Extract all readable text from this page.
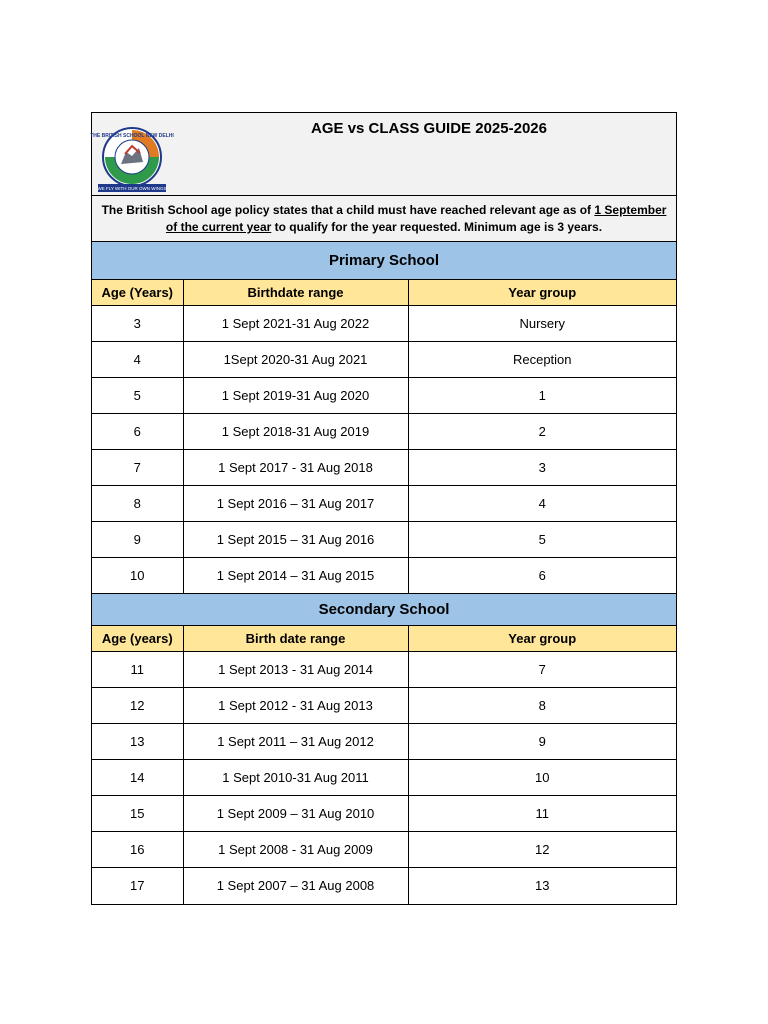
THE BRITISH SCHOOL NEW DELHI
WE FLY WITH OUR OWN WINGS
AGE vs CLASS GUIDE 2025-2026
The British School age policy states that a child must have reached relevant age as of 1 September of the current year to qualify for the year requested. Minimum age is 3 years.
Primary School
Age (Years)	Birthdate range	Year group
3	1 Sept 2021-31 Aug 2022	Nursery
4	1Sept 2020-31 Aug 2021	Reception
5	1 Sept 2019-31 Aug 2020	1
6	1 Sept 2018-31 Aug 2019	2
7	1 Sept 2017 - 31 Aug 2018	3
8	1 Sept 2016 – 31 Aug 2017	4
9	1 Sept 2015 – 31 Aug 2016	5
10	1 Sept 2014 – 31 Aug 2015	6
Secondary School
Age (years)	Birth date range	Year group
11	1 Sept 2013 - 31 Aug 2014	7
12	1 Sept 2012 - 31 Aug 2013	8
13	1 Sept 2011 – 31 Aug 2012	9
14	1 Sept 2010-31 Aug 2011	10
15	1 Sept 2009 – 31 Aug 2010	11
16	1 Sept 2008 - 31 Aug 2009	12
17	1 Sept 2007 – 31 Aug 2008	13
